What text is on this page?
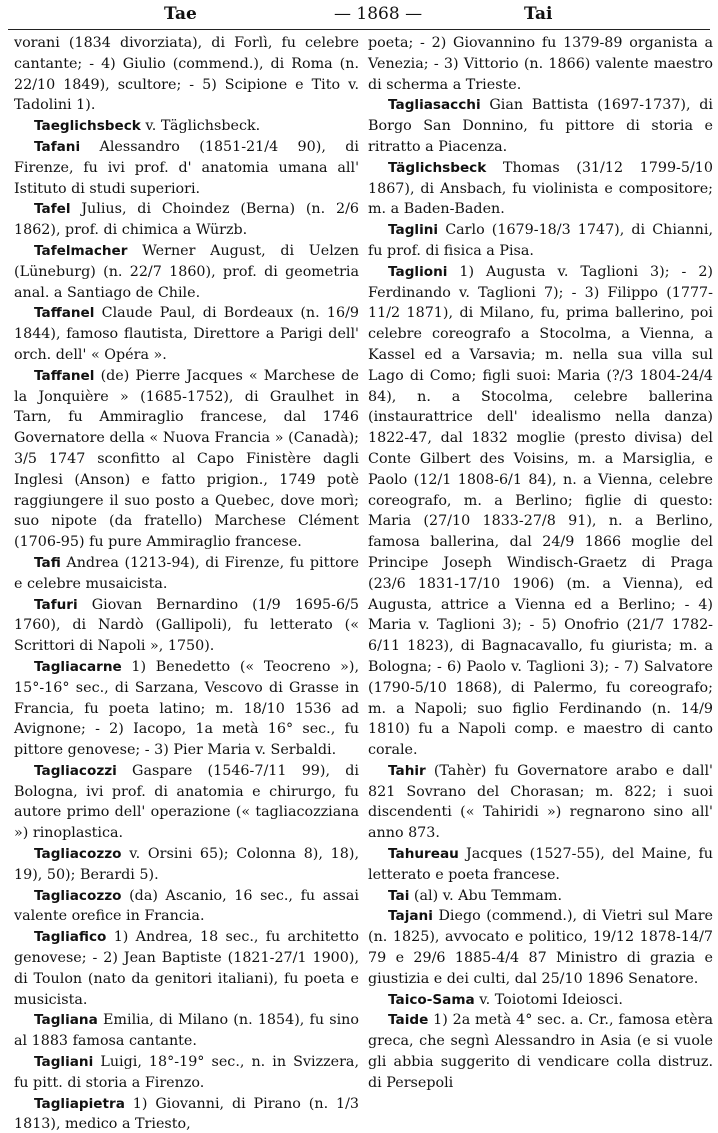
Tae	— 1868 —	Tai

vorani (1834 divorziata), di Forlì, fu celebre cantante; - 4) Giulio (commend.), di Roma (n. 22/10 1849), scultore; - 5) Scipione e Tito v. Tadolini 1).

Taeglichsbeck v. Täglichsbeck.

Tafani Alessandro (1851-21/4 90), di Firenze, fu ivi prof. d' anatomia umana all' Istituto di studi superiori.

Tafel Julius, di Choindez (Berna) (n. 2/6 1862), prof. di chimica a Würzb.

Tafelmacher Werner August, di Uelzen (Lüneburg) (n. 22/7 1860), prof. di geometria anal. a Santiago de Chile.

Taffanel Claude Paul, di Bordeaux (n. 16/9 1844), famoso flautista, Direttore a Parigi dell' orch. dell' « Opéra ».

Taffanel (de) Pierre Jacques « Marchese de la Jonquière » (1685-1752), di Graulhet in Tarn, fu Ammiraglio francese, dal 1746 Governatore della « Nuova Francia » (Canadà); 3/5 1747 sconfitto al Capo Finistère dagli Inglesi (Anson) e fatto prigion., 1749 potè raggiungere il suo posto a Quebec, dove morì; suo nipote (da fratello) Marchese Clément (1706-95) fu pure Ammiraglio francese.

Tafi Andrea (1213-94), di Firenze, fu pittore e celebre musaicista.

Tafuri Giovan Bernardino (1/9 1695-6/5 1760), di Nardò (Gallipoli), fu letterato (« Scrittori di Napoli », 1750).

Tagliacarne 1) Benedetto (« Teocreno »), 15°-16° sec., di Sarzana, Vescovo di Grasse in Francia, fu poeta latino; m. 18/10 1536 ad Avignone; - 2) Iacopo, 1a metà 16° sec., fu pittore genovese; - 3) Pier Maria v. Serbaldi.

Tagliacozzi Gaspare (1546-7/11 99), di Bologna, ivi prof. di anatomia e chirurgo, fu autore primo dell' operazione (« tagliacozziana ») rinoplastica.

Tagliacozzo v. Orsini 65); Colonna 8), 18), 19), 50); Berardi 5).

Tagliacozzo (da) Ascanio, 16 sec., fu assai valente orefice in Francia.

Tagliafico 1) Andrea, 18 sec., fu architetto genovese; - 2) Jean Baptiste (1821-27/1 1900), di Toulon (nato da genitori italiani), fu poeta e musicista.

Tagliana Emilia, di Milano (n. 1854), fu sino al 1883 famosa cantante.

Tagliani Luigi, 18°-19° sec., n. in Svizzera, fu pitt. di storia a Firenzo.

Tagliapietra 1) Giovanni, di Pirano (n. 1/3 1813), medico a Triesto,

poeta; - 2) Giovannino fu 1379-89 organista a Venezia; - 3) Vittorio (n. 1866) valente maestro di scherma a Trieste.

Tagliasacchi Gian Battista (1697-1737), di Borgo San Donnino, fu pittore di storia e ritratto a Piacenza.

Täglichsbeck Thomas (31/12 1799-5/10 1867), di Ansbach, fu violinista e compositore; m. a Baden-Baden.

Taglini Carlo (1679-18/3 1747), di Chianni, fu prof. di fisica a Pisa.

Taglioni 1) Augusta v. Taglioni 3); - 2) Ferdinando v. Taglioni 7); - 3) Filippo (1777-11/2 1871), di Milano, fu, prima ballerino, poi celebre coreografo a Stocolma, a Vienna, a Kassel ed a Varsavia; m. nella sua villa sul Lago di Como; figli suoi: Maria (?/3 1804-24/4 84), n. a Stocolma, celebre ballerina (instaurattrice dell' idealismo nella danza) 1822-47, dal 1832 moglie (presto divisa) del Conte Gilbert des Voisins, m. a Marsiglia, e Paolo (12/1 1808-6/1 84), n. a Vienna, celebre coreografo, m. a Berlino; figlie di questo: Maria (27/10 1833-27/8 91), n. a Berlino, famosa ballerina, dal 24/9 1866 moglie del Principe Joseph Windisch-Graetz di Praga (23/6 1831-17/10 1906) (m. a Vienna), ed Augusta, attrice a Vienna ed a Berlino; - 4) Maria v. Taglioni 3); - 5) Onofrio (21/7 1782-6/11 1823), di Bagnacavallo, fu giurista; m. a Bologna; - 6) Paolo v. Taglioni 3); - 7) Salvatore (1790-5/10 1868), di Palermo, fu coreografo; m. a Napoli; suo figlio Ferdinando (n. 14/9 1810) fu a Napoli comp. e maestro di canto corale.

Tahir (Tahèr) fu Governatore arabo e dall' 821 Sovrano del Chorasan; m. 822; i suoi discendenti (« Tahiridi ») regnarono sino all' anno 873.

Tahureau Jacques (1527-55), del Maine, fu letterato e poeta francese.

Tai (al) v. Abu Temmam.

Tajani Diego (commend.), di Vietri sul Mare (n. 1825), avvocato e politico, 19/12 1878-14/7 79 e 29/6 1885-4/4 87 Ministro di grazia e giustizia e dei culti, dal 25/10 1896 Senatore.

Taico-Sama v. Toiotomi Ideiosci.

Taide 1) 2a metà 4° sec. a. Cr., famosa etèra greca, che segnì Alessandro in Asia (e si vuole gli abbia suggerito di vendicare colla distruz. di Persepoli
